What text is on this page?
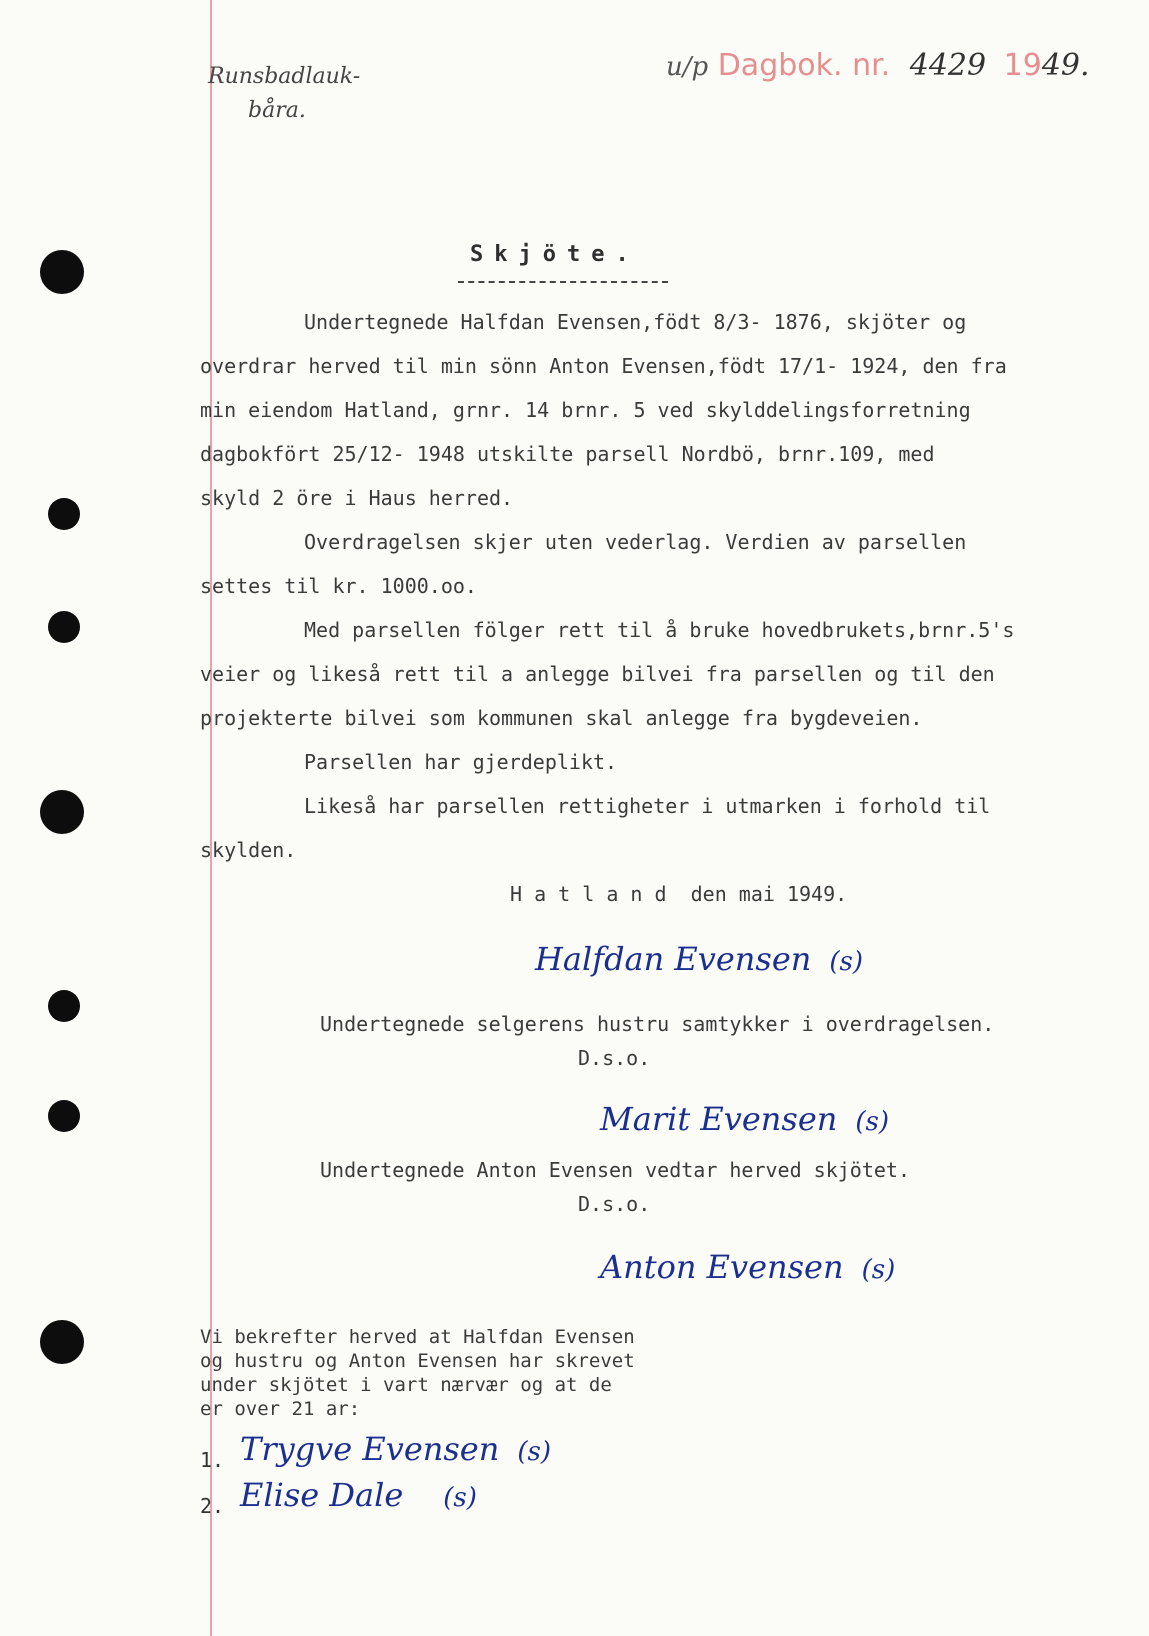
Runsbadlauk-
båra.
u/p Dagbok. nr. 4429 1949.
Skjöte.
Undertegnede Halfdan Evensen,födt 8/3- 1876, skjöter og
overdrar herved til min sönn Anton Evensen,födt 17/1- 1924, den fra
min eiendom Hatland, grnr. 14 brnr. 5 ved skylddelingsforretning
dagbokfört 25/12- 1948 utskilte parsell Nordbö, brnr.109, med
skyld 2 öre i Haus herred.
Overdragelsen skjer uten vederlag. Verdien av parsellen
settes til kr. 1000.oo.
Med parsellen fölger rett til å bruke hovedbrukets,brnr.5's
veier og likeså rett til a anlegge bilvei fra parsellen og til den
projekterte bilvei som kommunen skal anlegge fra bygdeveien.
Parsellen har gjerdeplikt.
Likeså har parsellen rettigheter i utmarken i forhold til
skylden.
H a t l a n d den mai 1949.
Halfdan Evensen (s)
Undertegnede selgerens hustru samtykker i overdragelsen.
D.s.o.
Marit Evensen (s)
Undertegnede Anton Evensen vedtar herved skjötet.
D.s.o.
Anton Evensen (s)
Vi bekrefter herved at Halfdan Evensen
og hustru og Anton Evensen har skrevet
under skjötet i vart nærvær og at de
er over 21 ar:
1. Trygve Evensen (s)
2. Elise Dale (s)
